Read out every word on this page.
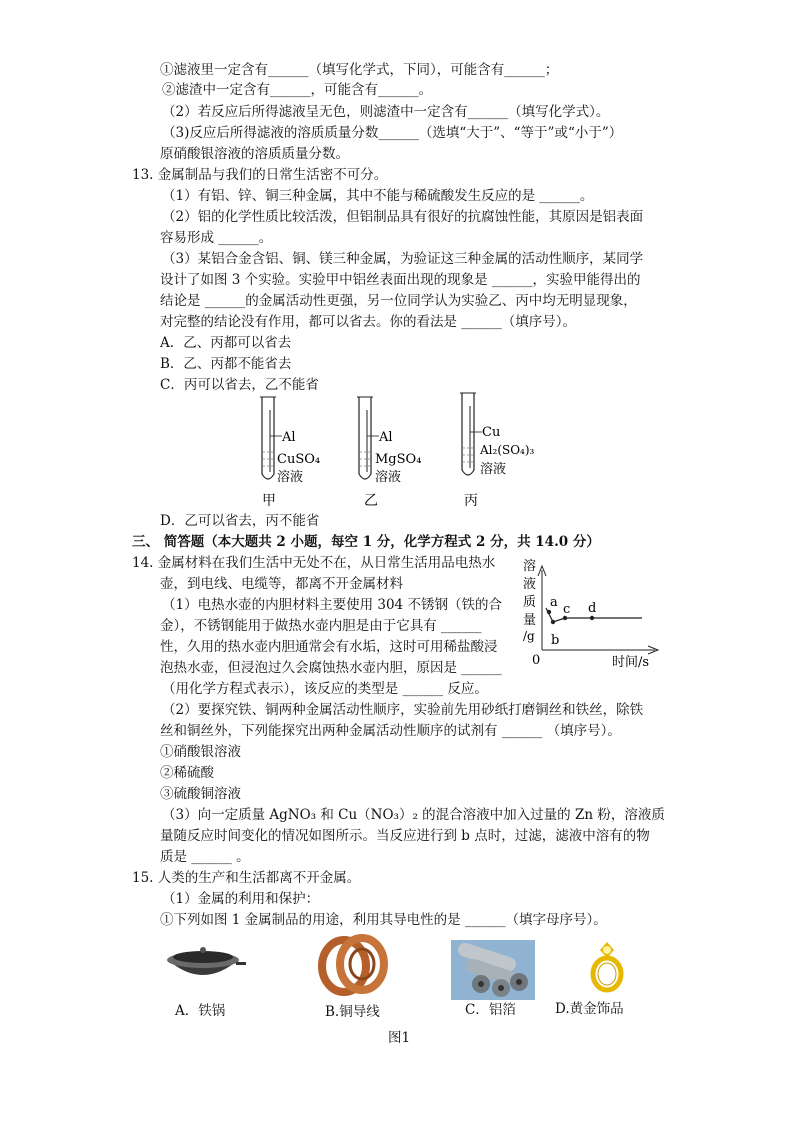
①滤液里一定含有______（填写化学式，下同），可能含有______；
②滤渣中一定含有______，可能含有______。
（2）若反应后所得滤液呈无色，则滤渣中一定含有______（填写化学式）。
（3)反应后所得滤液的溶质质量分数______（选填“大于”、“等于”或“小于”）
原硝酸银溶液的溶质质量分数。
13. 金属制品与我们的日常生活密不可分。
（1）有铝、锌、铜三种金属，其中不能与稀硫酸发生反应的是 ______。
（2）铝的化学性质比较活泼，但铝制品具有很好的抗腐蚀性能，其原因是铝表面
容易形成 ______。
（3）某铝合金含铝、铜、镁三种金属，为验证这三种金属的活动性顺序，某同学
设计了如图 3 个实验。实验甲中铝丝表面出现的现象是 ______，实验甲能得出的
结论是 ______的金属活动性更强，另一位同学认为实验乙、丙中均无明显现象，
对完整的结论没有作用，都可以省去。你的看法是 ______（填序号）。
A．乙、丙都可以省去
B．乙、丙都不能省去
C．丙可以省去，乙不能省
Al
CuSO₄
溶液
Al
MgSO₄
溶液
Cu
Al₂(SO₄)₃
溶液
甲	乙	丙
D．乙可以省去，丙不能省
三、 简答题（本大题共 2 小题，每空 1 分，化学方程式 2 分，共 14.0 分）
14. 金属材料在我们生活中无处不在，从日常生活用品电热水
壶，到电线、电缆等，都离不开金属材料
（1）电热水壶的内胆材料主要使用 304 不锈钢（铁的合
金），不锈钢能用于做热水壶内胆是由于它具有 ______
性，久用的热水壶内胆通常会有水垢，这时可用稀盐酸浸
泡热水壶，但浸泡过久会腐蚀热水壶内胆，原因是 ______
（用化学方程式表示），该反应的类型是 ______ 反应。
溶
液
质
量
/g
a
b
c d
0	时间/s
（2）要探究铁、铜两种金属活动性顺序，实验前先用砂纸打磨铜丝和铁丝，除铁
丝和铜丝外，下列能探究出两种金属活动性顺序的试剂有 ______ （填序号）。
①硝酸银溶液
②稀硫酸
③硫酸铜溶液
（3）向一定质量 AgNO₃ 和 Cu（NO₃）₂ 的混合溶液中加入过量的 Zn 粉，溶液质
量随反应时间变化的情况如图所示。当反应进行到 b 点时，过滤，滤液中溶有的物
质是 ______ 。
15. 人类的生产和生活都离不开金属。
（1）金属的利用和保护：
①下列如图 1 金属制品的用途，利用其导电性的是 ______（填字母序号）。
A．铁锅	B.铜导线	C．铝箔	D.黄金饰品
图1
